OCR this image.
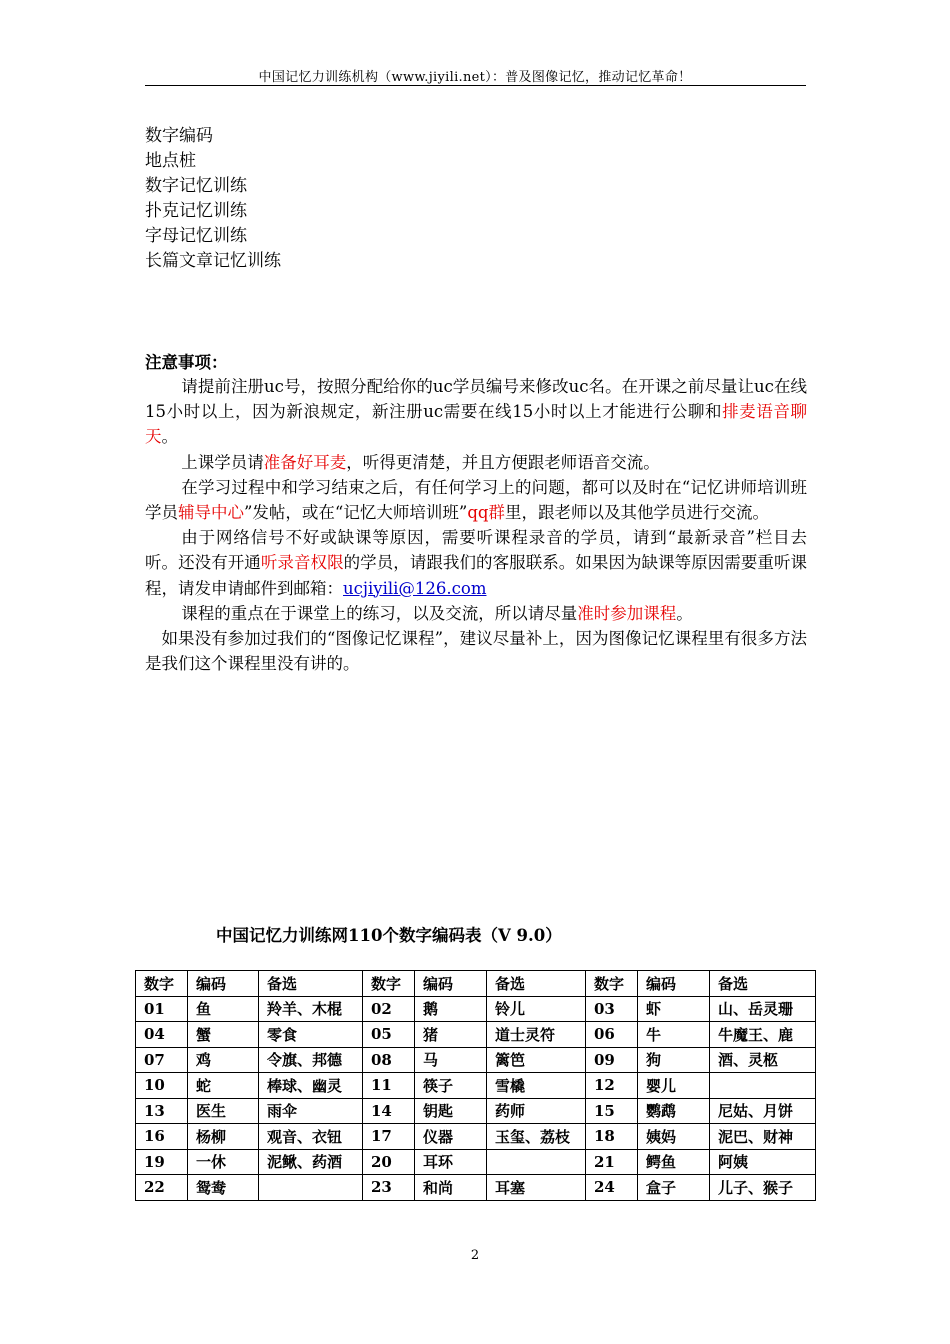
中国记忆力训练机构（www.jiyili.net）：普及图像记忆，推动记忆革命！
数字编码
地点桩
数字记忆训练
扑克记忆训练
字母记忆训练
长篇文章记忆训练
注意事项：

请提前注册uc号，按照分配给你的uc学员编号来修改uc名。在开课之前尽量让uc在线15小时以上，因为新浪规定，新注册uc需要在线15小时以上才能进行公聊和排麦语音聊天。

上课学员请准备好耳麦，听得更清楚，并且方便跟老师语音交流。

在学习过程中和学习结束之后，有任何学习上的问题，都可以及时在“记忆讲师培训班学员辅导中心”发帖，或在“记忆大师培训班”qq群里，跟老师以及其他学员进行交流。

由于网络信号不好或缺课等原因，需要听课程录音的学员，请到“最新录音”栏目去听。还没有开通听录音权限的学员，请跟我们的客服联系。如果因为缺课等原因需要重听课程，请发申请邮件到邮箱：ucjiyili@126.com

课程的重点在于课堂上的练习，以及交流，所以请尽量准时参加课程。

如果没有参加过我们的“图像记忆课程”，建议尽量补上，因为图像记忆课程里有很多方法是我们这个课程里没有讲的。

中国记忆力训练网110个数字编码表（V 9.0）
数字	编码	备选	数字	编码	备选	数字	编码	备选
01	鱼	羚羊、木棍	02	鹅	铃儿	03	虾	山、岳灵珊
04	蟹	零食	05	猪	道士灵符	06	牛	牛魔王、鹿
07	鸡	令旗、邦德	08	马	篱笆	09	狗	酒、灵柩
10	蛇	棒球、幽灵	11	筷子	雪橇	12	婴儿	
13	医生	雨伞	14	钥匙	药师	15	鹦鹉	尼姑、月饼
16	杨柳	观音、衣钮	17	仪器	玉玺、荔枝	18	姨妈	泥巴、财神
19	一休	泥鳅、药酒	20	耳环		21	鳄鱼	阿姨
22	鸳鸯		23	和尚	耳塞	24	盒子	儿子、猴子
2
